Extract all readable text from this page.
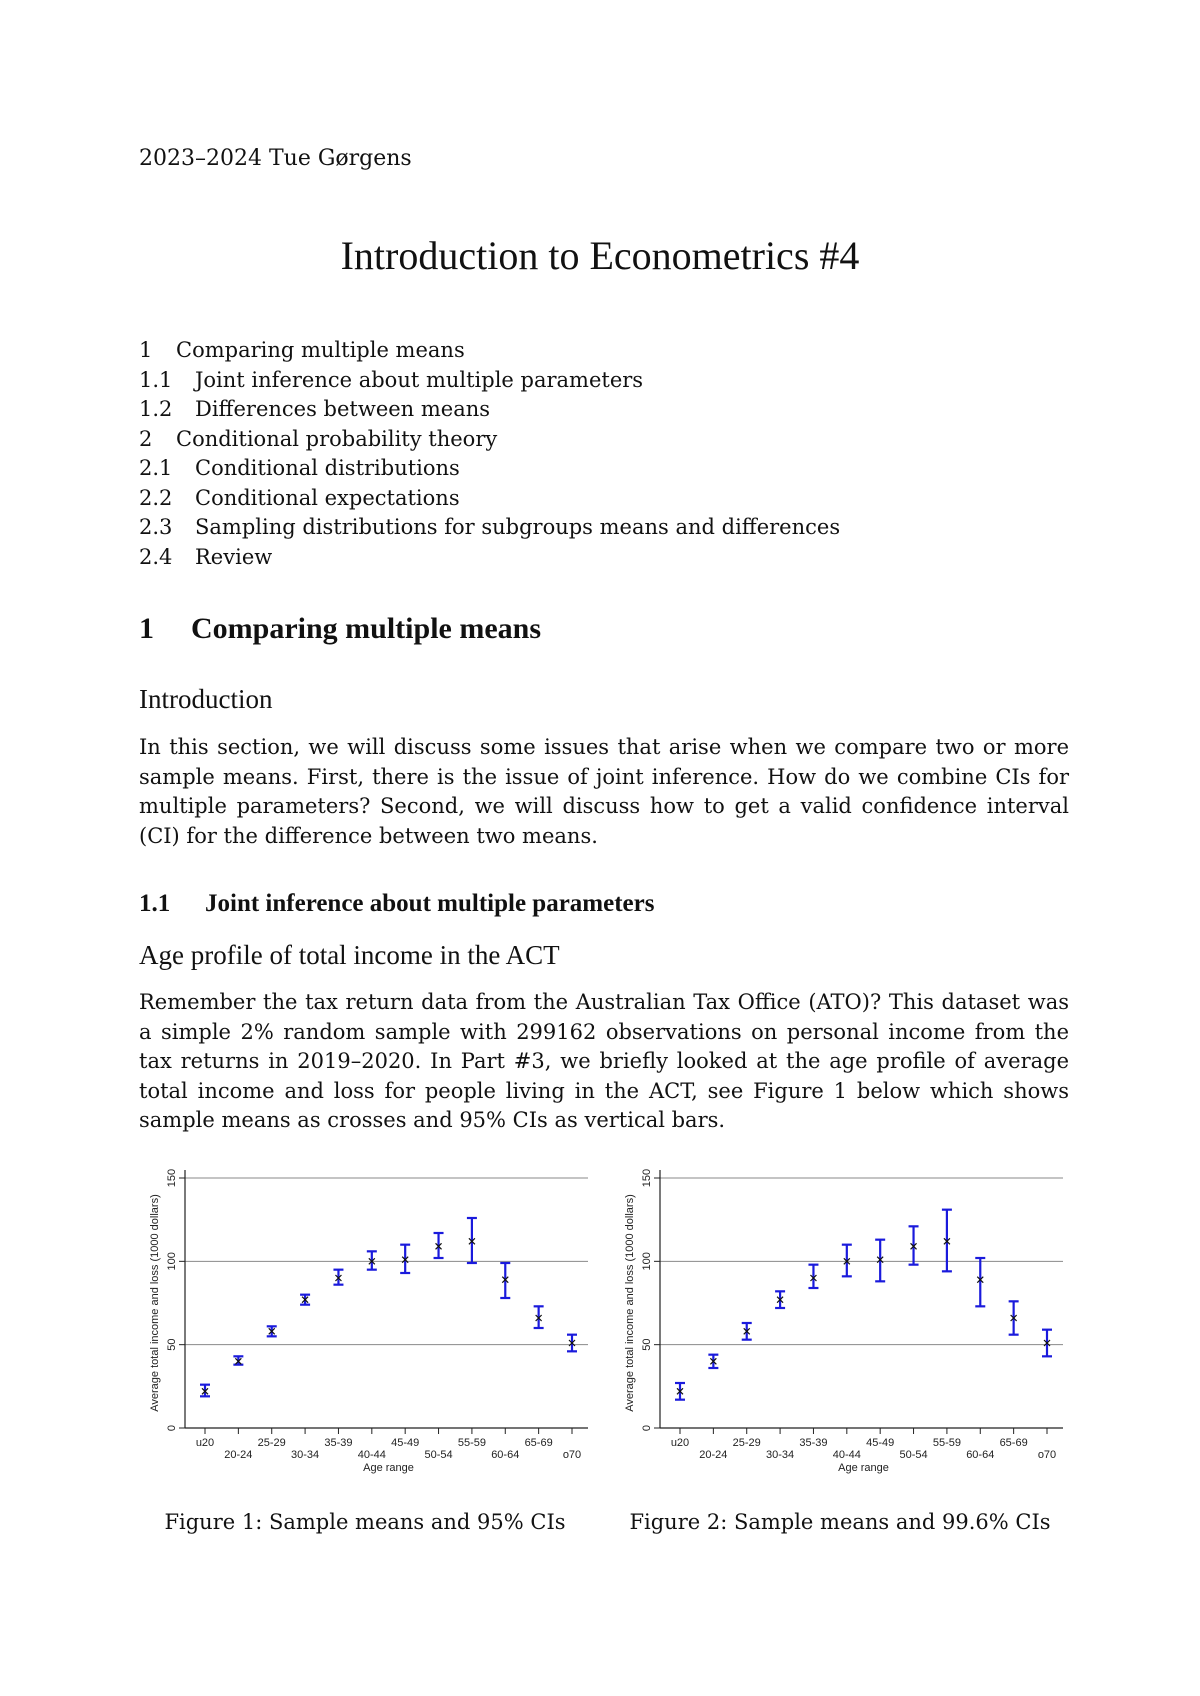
2023–2024 Tue Gørgens
Introduction to Econometrics #4
1 Comparing multiple means
1.1 Joint inference about multiple parameters
1.2 Differences between means
2 Conditional probability theory
2.1 Conditional distributions
2.2 Conditional expectations
2.3 Sampling distributions for subgroups means and differences
2.4 Review
1 Comparing multiple means
Introduction

In this section, we will discuss some issues that arise when we compare two or more sample means. First, there is the issue of joint inference. How do we combine CIs for multiple parameters? Second, we will discuss how to get a valid confidence interval (CI) for the difference between two means.

1.1 Joint inference about multiple parameters
Age profile of total income in the ACT

Remember the tax return data from the Australian Tax Office (ATO)? This dataset was a simple 2% random sample with 299162 observations on personal income from the tax returns in 2019–2020. In Part #3, we briefly looked at the age profile of average total income and loss for people living in the ACT, see Figure 1 below which shows sample means as crosses and 95% CIs as vertical bars.

0
50
100
150
Average total income and loss (1000 dollars)
u20
20-24
25-29
30-34
35-39
40-44
45-49
50-54
55-59
60-64
65-69
o70
Age range
Figure 1: Sample means and 95% CIs
0
50
100
150
Average total income and loss (1000 dollars)
u20
20-24
25-29
30-34
35-39
40-44
45-49
50-54
55-59
60-64
65-69
o70
Age range
Figure 2: Sample means and 99.6% CIs
